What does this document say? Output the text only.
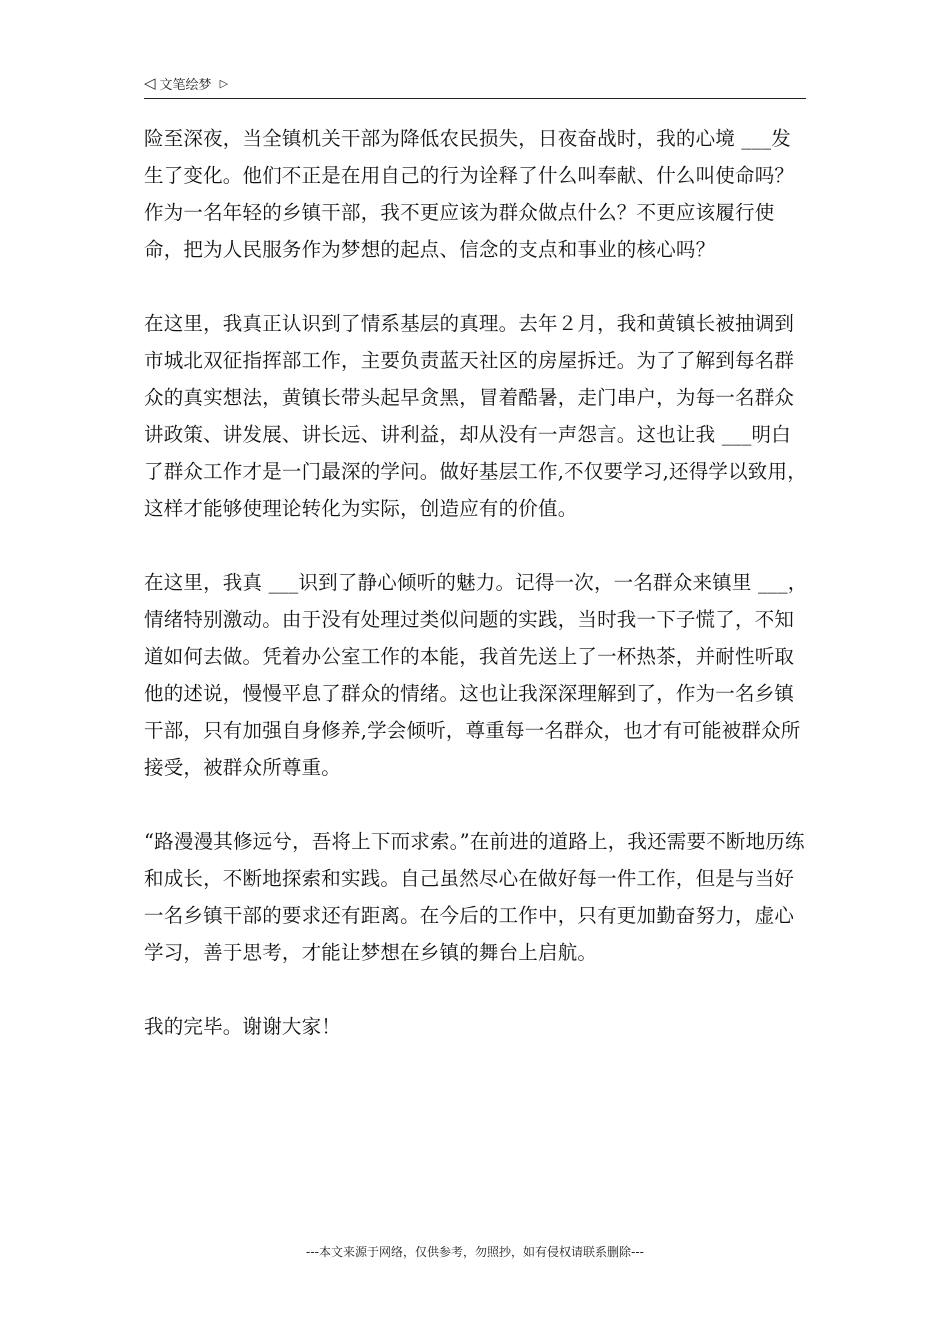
◁ 文笔绘梦 ▷

险至深夜，当全镇机关干部为降低农民损失，日夜奋战时，我的心境 ___发生了变化。他们不正是在用自己的行为诠释了什么叫奉献、什么叫使命吗？作为一名年轻的乡镇干部，我不更应该为群众做点什么？不更应该履行使命，把为人民服务作为梦想的起点、信念的支点和事业的核心吗？

在这里，我真正认识到了情系基层的真理。去年２月，我和黄镇长被抽调到市城北双征指挥部工作，主要负责蓝天社区的房屋拆迁。为了了解到每名群众的真实想法，黄镇长带头起早贪黑，冒着酷暑，走门串户，为每一名群众讲政策、讲发展、讲长远、讲利益，却从没有一声怨言。这也让我 ___明白了群众工作才是一门最深的学问。做好基层工作,不仅要学习,还得学以致用，这样才能够使理论转化为实际，创造应有的价值。

在这里，我真 ___识到了静心倾听的魅力。记得一次，一名群众来镇里 ___，情绪特别激动。由于没有处理过类似问题的实践，当时我一下子慌了，不知道如何去做。凭着办公室工作的本能，我首先送上了一杯热茶，并耐性听取他的述说，慢慢平息了群众的情绪。这也让我深深理解到了，作为一名乡镇干部，只有加强自身修养,学会倾听，尊重每一名群众，也才有可能被群众所接受，被群众所尊重。

“路漫漫其修远兮，吾将上下而求索。”在前进的道路上，我还需要不断地历练和成长，不断地探索和实践。自己虽然尽心在做好每一件工作，但是与当好一名乡镇干部的要求还有距离。在今后的工作中，只有更加勤奋努力，虚心学习，善于思考，才能让梦想在乡镇的舞台上启航。

我的完毕。谢谢大家！

---本文来源于网络，仅供参考，勿照抄，如有侵权请联系删除---
